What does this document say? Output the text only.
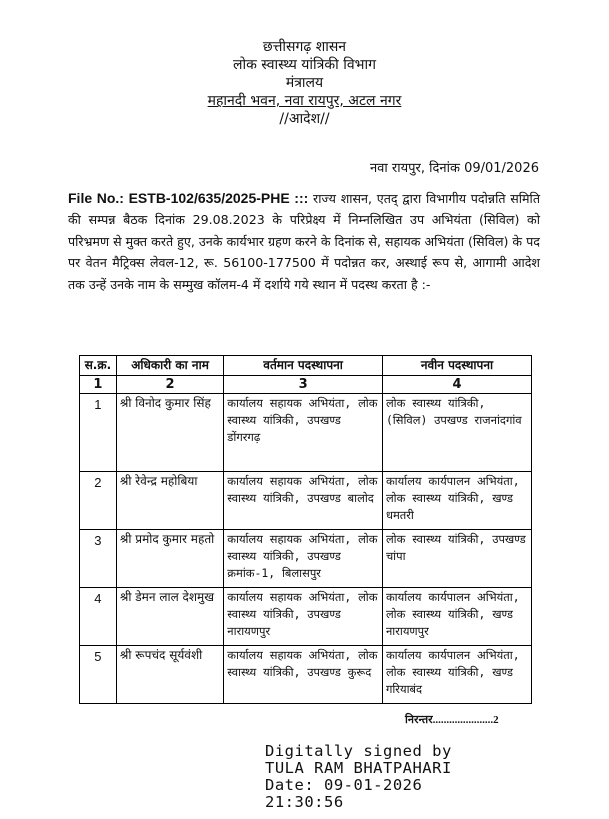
छत्तीसगढ़ शासन
लोक स्वास्थ्य यांत्रिकी विभाग
मंत्रालय
महानदी भवन, नवा रायपुर, अटल नगर
//आदेश//
नवा रायपुर, दिनांक 09/01/2026
File No.: ESTB-102/635/2025-PHE ::: राज्य शासन, एतद् द्वारा विभागीय पदोन्नति समिति की सम्पन्न बैठक दिनांक 29.08.2023 के परिप्रेक्ष्य में निम्नलिखित उप अभियंता (सिविल) को परिभ्रमण से मुक्त करते हुए, उनके कार्यभार ग्रहण करने के दिनांक से, सहायक अभियंता (सिविल) के पद पर वेतन मैट्रिक्स लेवल-12, रू. 56100-177500 में पदोन्नत कर, अस्थाई रूप से, आगामी आदेश तक उन्हें उनके नाम के सम्मुख कॉलम-4 में दर्शाये गये स्थान में पदस्थ करता है :-
स.क्र.	अधिकारी का नाम	वर्तमान पदस्थापना	नवीन पदस्थापना
1	2	3	4
1	श्री विनोद कुमार सिंह	कार्यालय सहायक अभियंता, लोक स्वास्थ्य यांत्रिकी, उपखण्ड डोंगरगढ़	लोक स्वास्थ्य यांत्रिकी, (सिविल) उपखण्ड राजनांदगांव
2	श्री रेवेन्द्र महोबिया	कार्यालय सहायक अभियंता, लोक स्वास्थ्य यांत्रिकी, उपखण्ड बालोद	कार्यालय कार्यपालन अभियंता, लोक स्वास्थ्य यांत्रिकी, खण्ड धमतरी
3	श्री प्रमोद कुमार महतो	कार्यालय सहायक अभियंता, लोक स्वास्थ्य यांत्रिकी, उपखण्ड क्रमांक-1, बिलासपुर	लोक स्वास्थ्य यांत्रिकी, उपखण्ड चांपा
4	श्री डेमन लाल देशमुख	कार्यालय सहायक अभियंता, लोक स्वास्थ्य यांत्रिकी, उपखण्ड नारायणपुर	कार्यालय कार्यपालन अभियंता, लोक स्वास्थ्य यांत्रिकी, खण्ड नारायणपुर
5	श्री रूपचंद सूर्यवंशी	कार्यालय सहायक अभियंता, लोक स्वास्थ्य यांत्रिकी, उपखण्ड कुरूद	कार्यालय कार्यपालन अभियंता, लोक स्वास्थ्य यांत्रिकी, खण्ड गरियाबंद
निरन्तर......................2
Digitally signed by
TULA RAM BHATPAHARI
Date: 09-01-2026
21:30:56
